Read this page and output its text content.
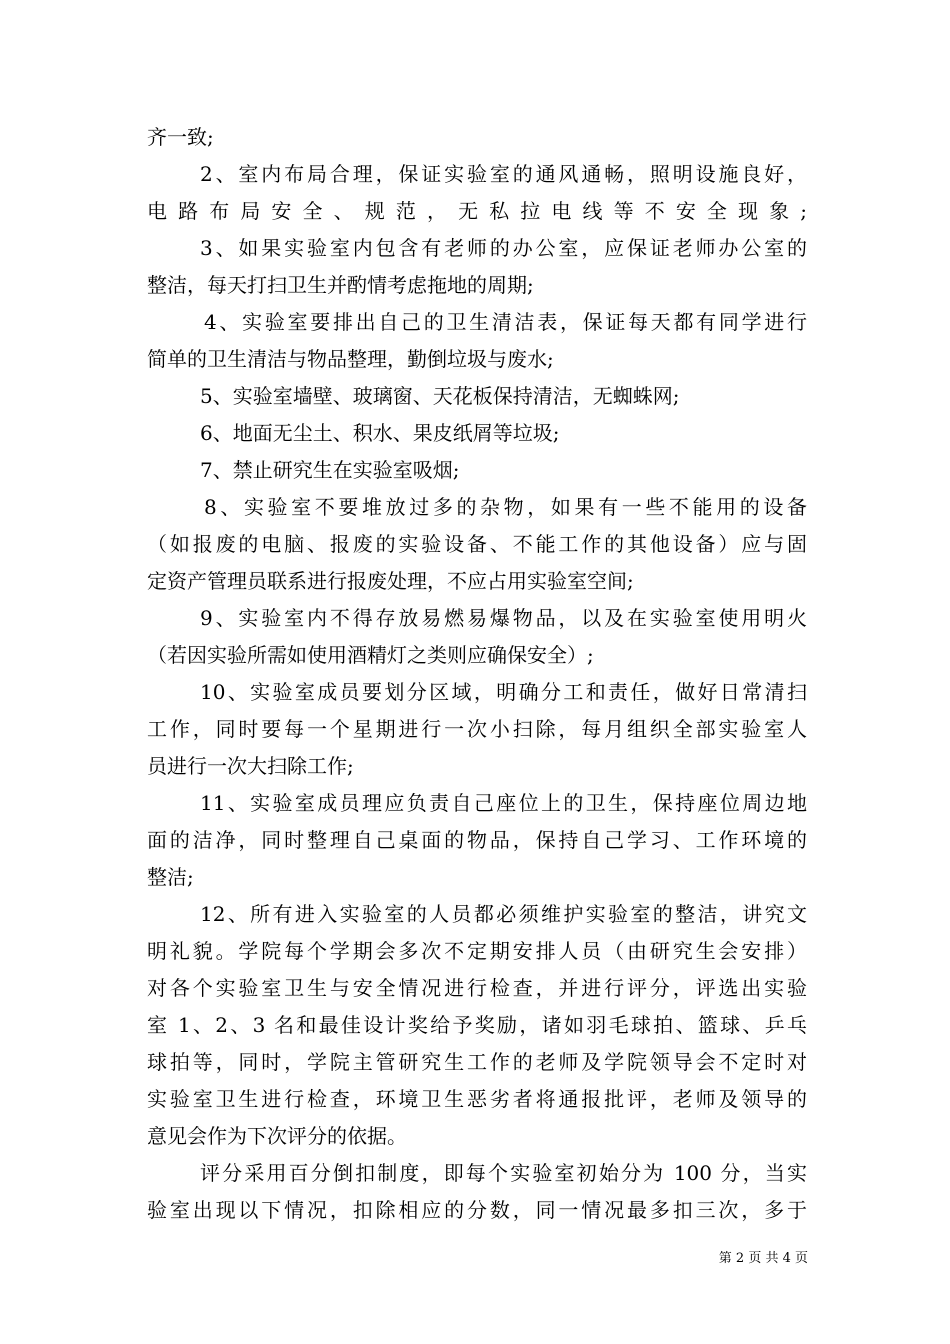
齐一致;
2、室内布局合理，保证实验室的通风通畅，照明设施良好，
电路布局安全、规范，无私拉电线等不安全现象;
3、如果实验室内包含有老师的办公室，应保证老师办公室的
整洁，每天打扫卫生并酌情考虑拖地的周期;
4、实验室要排出自己的卫生清洁表，保证每天都有同学进行
简单的卫生清洁与物品整理，勤倒垃圾与废水;
5、实验室墙壁、玻璃窗、天花板保持清洁，无蜘蛛网;
6、地面无尘土、积水、果皮纸屑等垃圾;
7、禁止研究生在实验室吸烟;
8、实验室不要堆放过多的杂物，如果有一些不能用的设备
（如报废的电脑、报废的实验设备、不能工作的其他设备）应与固
定资产管理员联系进行报废处理，不应占用实验室空间;
9、实验室内不得存放易燃易爆物品，以及在实验室使用明火
（若因实验所需如使用酒精灯之类则应确保安全）;
10、实验室成员要划分区域，明确分工和责任，做好日常清扫
工作，同时要每一个星期进行一次小扫除，每月组织全部实验室人
员进行一次大扫除工作;
11、实验室成员理应负责自己座位上的卫生，保持座位周边地
面的洁净，同时整理自己桌面的物品，保持自己学习、工作环境的
整洁;
12、所有进入实验室的人员都必须维护实验室的整洁，讲究文
明礼貌。学院每个学期会多次不定期安排人员（由研究生会安排）
对各个实验室卫生与安全情况进行检查，并进行评分，评选出实验
室 1、2、3 名和最佳设计奖给予奖励，诸如羽毛球拍、篮球、乒乓
球拍等，同时，学院主管研究生工作的老师及学院领导会不定时对
实验室卫生进行检查，环境卫生恶劣者将通报批评，老师及领导的
意见会作为下次评分的依据。
评分采用百分倒扣制度，即每个实验室初始分为 100 分，当实
验室出现以下情况，扣除相应的分数，同一情况最多扣三次，多于
第 2 页 共 4 页
